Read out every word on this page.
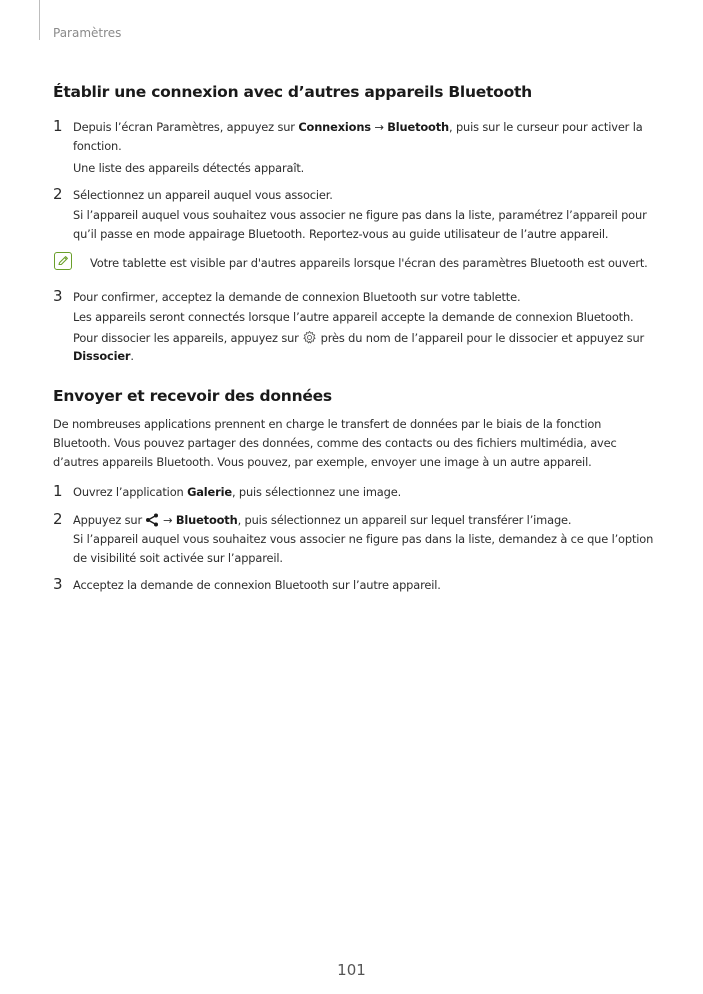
Paramètres
Établir une connexion avec d’autres appareils Bluetooth
1 Depuis l’écran Paramètres, appuyez sur Connexions → Bluetooth, puis sur le curseur pour activer la
fonction.
Une liste des appareils détectés apparaît.
2 Sélectionnez un appareil auquel vous associer.
Si l’appareil auquel vous souhaitez vous associer ne figure pas dans la liste, paramétrez l’appareil pour
qu’il passe en mode appairage Bluetooth. Reportez-vous au guide utilisateur de l’autre appareil.
Votre tablette est visible par d'autres appareils lorsque l'écran des paramètres Bluetooth est ouvert.
3 Pour confirmer, acceptez la demande de connexion Bluetooth sur votre tablette.
Les appareils seront connectés lorsque l’autre appareil accepte la demande de connexion Bluetooth.
Pour dissocier les appareils, appuyez sur  près du nom de l’appareil pour le dissocier et appuyez sur
Dissocier.
Envoyer et recevoir des données
De nombreuses applications prennent en charge le transfert de données par le biais de la fonction
Bluetooth. Vous pouvez partager des données, comme des contacts ou des fichiers multimédia, avec
d’autres appareils Bluetooth. Vous pouvez, par exemple, envoyer une image à un autre appareil.
1 Ouvrez l’application Galerie, puis sélectionnez une image.
2 Appuyez sur  → Bluetooth, puis sélectionnez un appareil sur lequel transférer l’image.
Si l’appareil auquel vous souhaitez vous associer ne figure pas dans la liste, demandez à ce que l’option
de visibilité soit activée sur l’appareil.
3 Acceptez la demande de connexion Bluetooth sur l’autre appareil.
101
